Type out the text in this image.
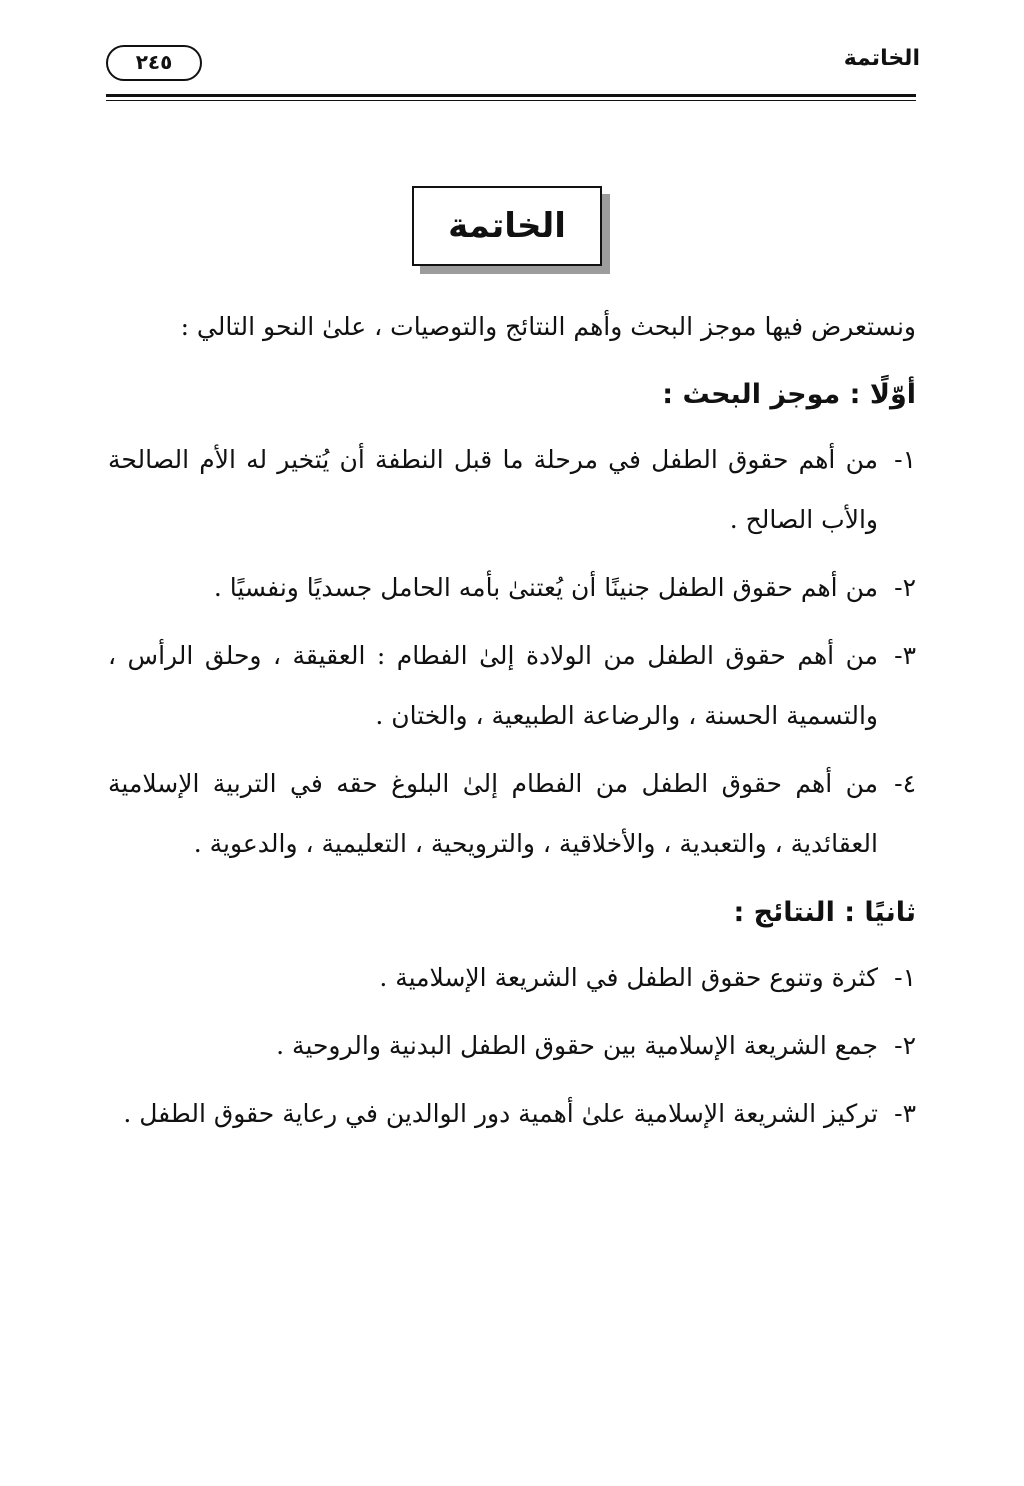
الخاتمة
٢٤٥
الخاتمة

ونستعرض فيها موجز البحث وأهم النتائج والتوصيات ، علىٰ النحو التالي :

أوّلًا : موجز البحث :
١-
من أهم حقوق الطفل في مرحلة ما قبل النطفة أن يُتخير له الأم الصالحة والأب الصالح .
٢-
من أهم حقوق الطفل جنينًا أن يُعتنىٰ بأمه الحامل جسديًا ونفسيًا .
٣-
من أهم حقوق الطفل من الولادة إلىٰ الفطام : العقيقة ، وحلق الرأس ، والتسمية الحسنة ، والرضاعة الطبيعية ، والختان .
٤-
من أهم حقوق الطفل من الفطام إلىٰ البلوغ حقه في التربية الإسلامية العقائدية ، والتعبدية ، والأخلاقية ، والترويحية ، التعليمية ، والدعوية .
ثانيًا : النتائج :
١-
كثرة وتنوع حقوق الطفل في الشريعة الإسلامية .
٢-
جمع الشريعة الإسلامية بين حقوق الطفل البدنية والروحية .
٣-
تركيز الشريعة الإسلامية علىٰ أهمية دور الوالدين في رعاية حقوق الطفل .
